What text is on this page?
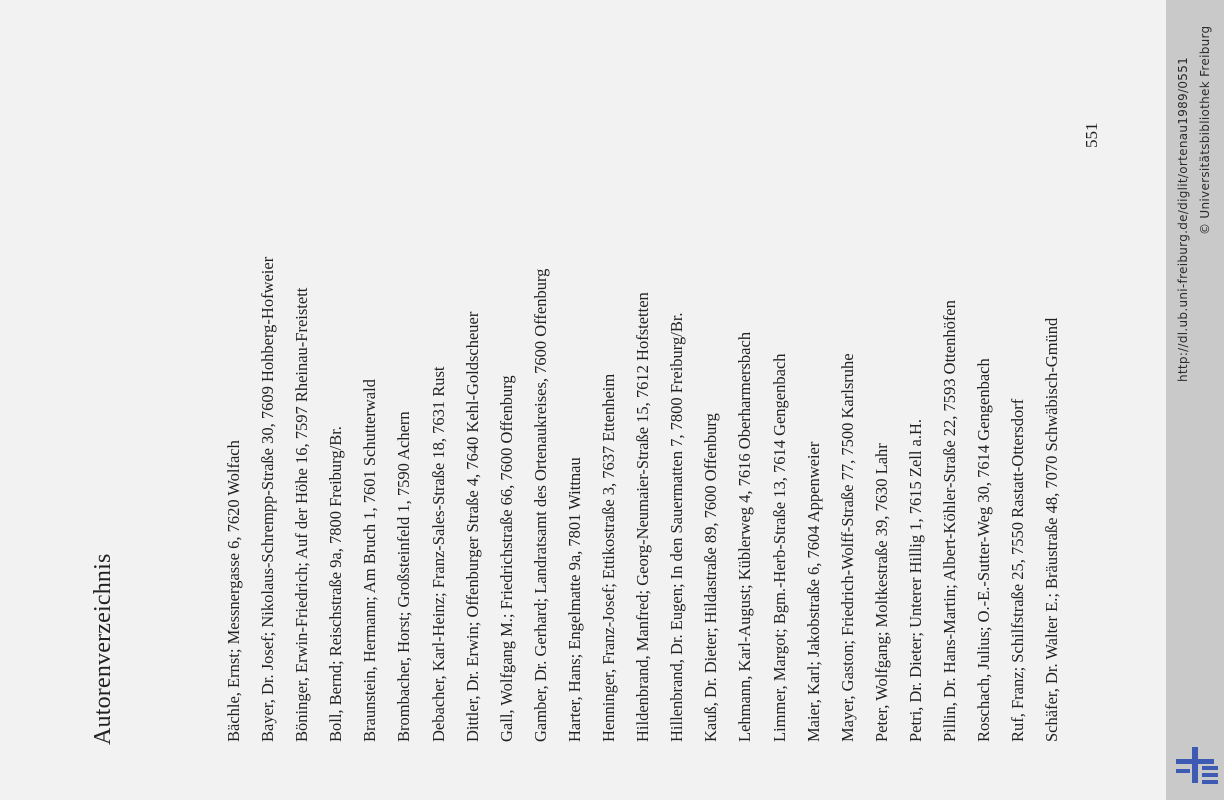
Autorenverzeichnis	Bächle, Ernst; Messnergasse 6, 7620 Wolfach Bayer, Dr. Josef; Nikolaus-Schrempp-Straße 30, 7609 Hohberg-Hofweier Böninger, Erwin-Friedrich; Auf der Höhe 16, 7597 Rheinau-Freistett Boll, Bernd; Reischstraße 9a, 7800 Freiburg/Br. Braunstein, Hermann; Am Bruch 1, 7601 Schutterwald Brombacher, Horst; Großsteinfeld 1, 7590 Achern Debacher, Karl-Heinz; Franz-Sales-Straße 18, 7631 Rust Dittler, Dr. Erwin; Offenburger Straße 4, 7640 Kehl-Goldscheuer Gall, Wolfgang M.; Friedrichstraße 66, 7600 Offenburg Gamber, Dr. Gerhard; Landratsamt des Ortenaukreises, 7600 Offenburg Harter, Hans; Engelmatte 9a, 7801 Wittnau Henninger, Franz-Josef; Ettikostraße 3, 7637 Ettenheim Hildenbrand, Manfred; Georg-Neumaier-Straße 15, 7612 Hofstetten Hillenbrand, Dr. Eugen; In den Sauermatten 7, 7800 Freiburg/Br. Kauß, Dr. Dieter; Hildastraße 89, 7600 Offenburg Lehmann, Karl-August; Küblerweg 4, 7616 Oberharmersbach Limmer, Margot; Bgm.-Herb-Straße 13, 7614 Gengenbach Maier, Karl; Jakobstraße 6, 7604 Appenweier Mayer, Gaston; Friedrich-Wolff-Straße 77, 7500 Karlsruhe Peter, Wolfgang; Moltkestraße 39, 7630 Lahr Petri, Dr. Dieter; Unterer Hillig 1, 7615 Zell a.H. Pillin, Dr. Hans-Martin; Albert-Köhler-Straße 22, 7593 Ottenhöfen Roschach, Julius; O.-E.-Sutter-Weg 30, 7614 Gengenbach Ruf, Franz; Schilfstraße 25, 7550 Rastatt-Ottersdorf Schäfer, Dr. Walter E.; Bräustraße 48, 7070 Schwäbisch-Gmünd
551	http://dl.ub.uni-freiburg.de/diglit/ortenau1989/0551 © Universitätsbibliothek Freiburg
